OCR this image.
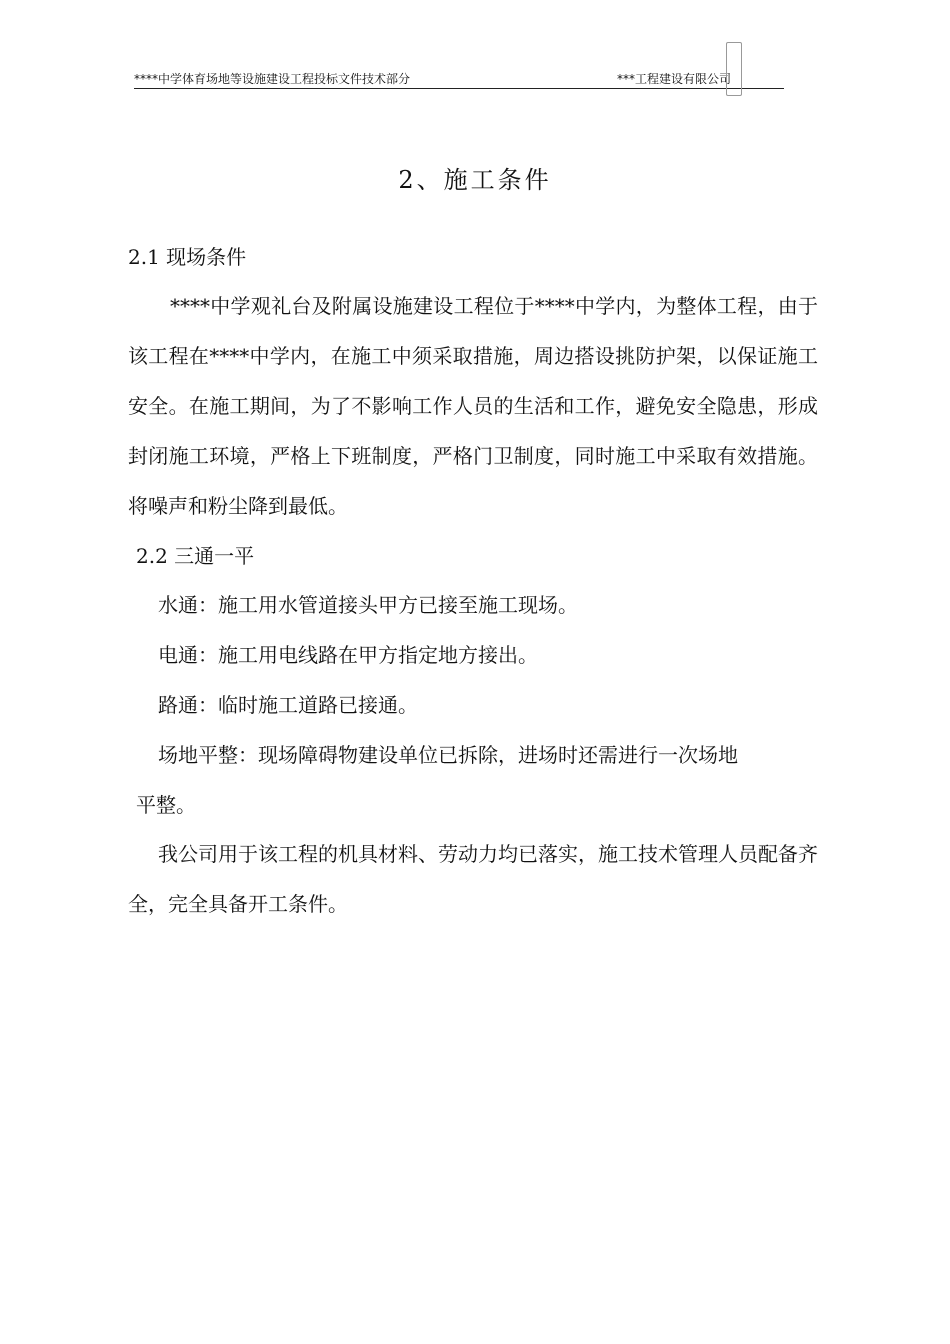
****中学体育场地等设施建设工程投标文件技术部分	***工程建设有限公司
2、施工条件
2.1 现场条件
****中学观礼台及附属设施建设工程位于****中学内，为整体工程，由于该工程在****中学内，在施工中须采取措施，周边搭设挑防护架，以保证施工安全。在施工期间，为了不影响工作人员的生活和工作，避免安全隐患，形成封闭施工环境，严格上下班制度，严格门卫制度，同时施工中采取有效措施。将噪声和粉尘降到最低。
2.2 三通一平
水通：施工用水管道接头甲方已接至施工现场。
电通：施工用电线路在甲方指定地方接出。
路通：临时施工道路已接通。
场地平整：现场障碍物建设单位已拆除，进场时还需进行一次场地
平整。
我公司用于该工程的机具材料、劳动力均已落实，施工技术管理人员配备齐全，完全具备开工条件。
